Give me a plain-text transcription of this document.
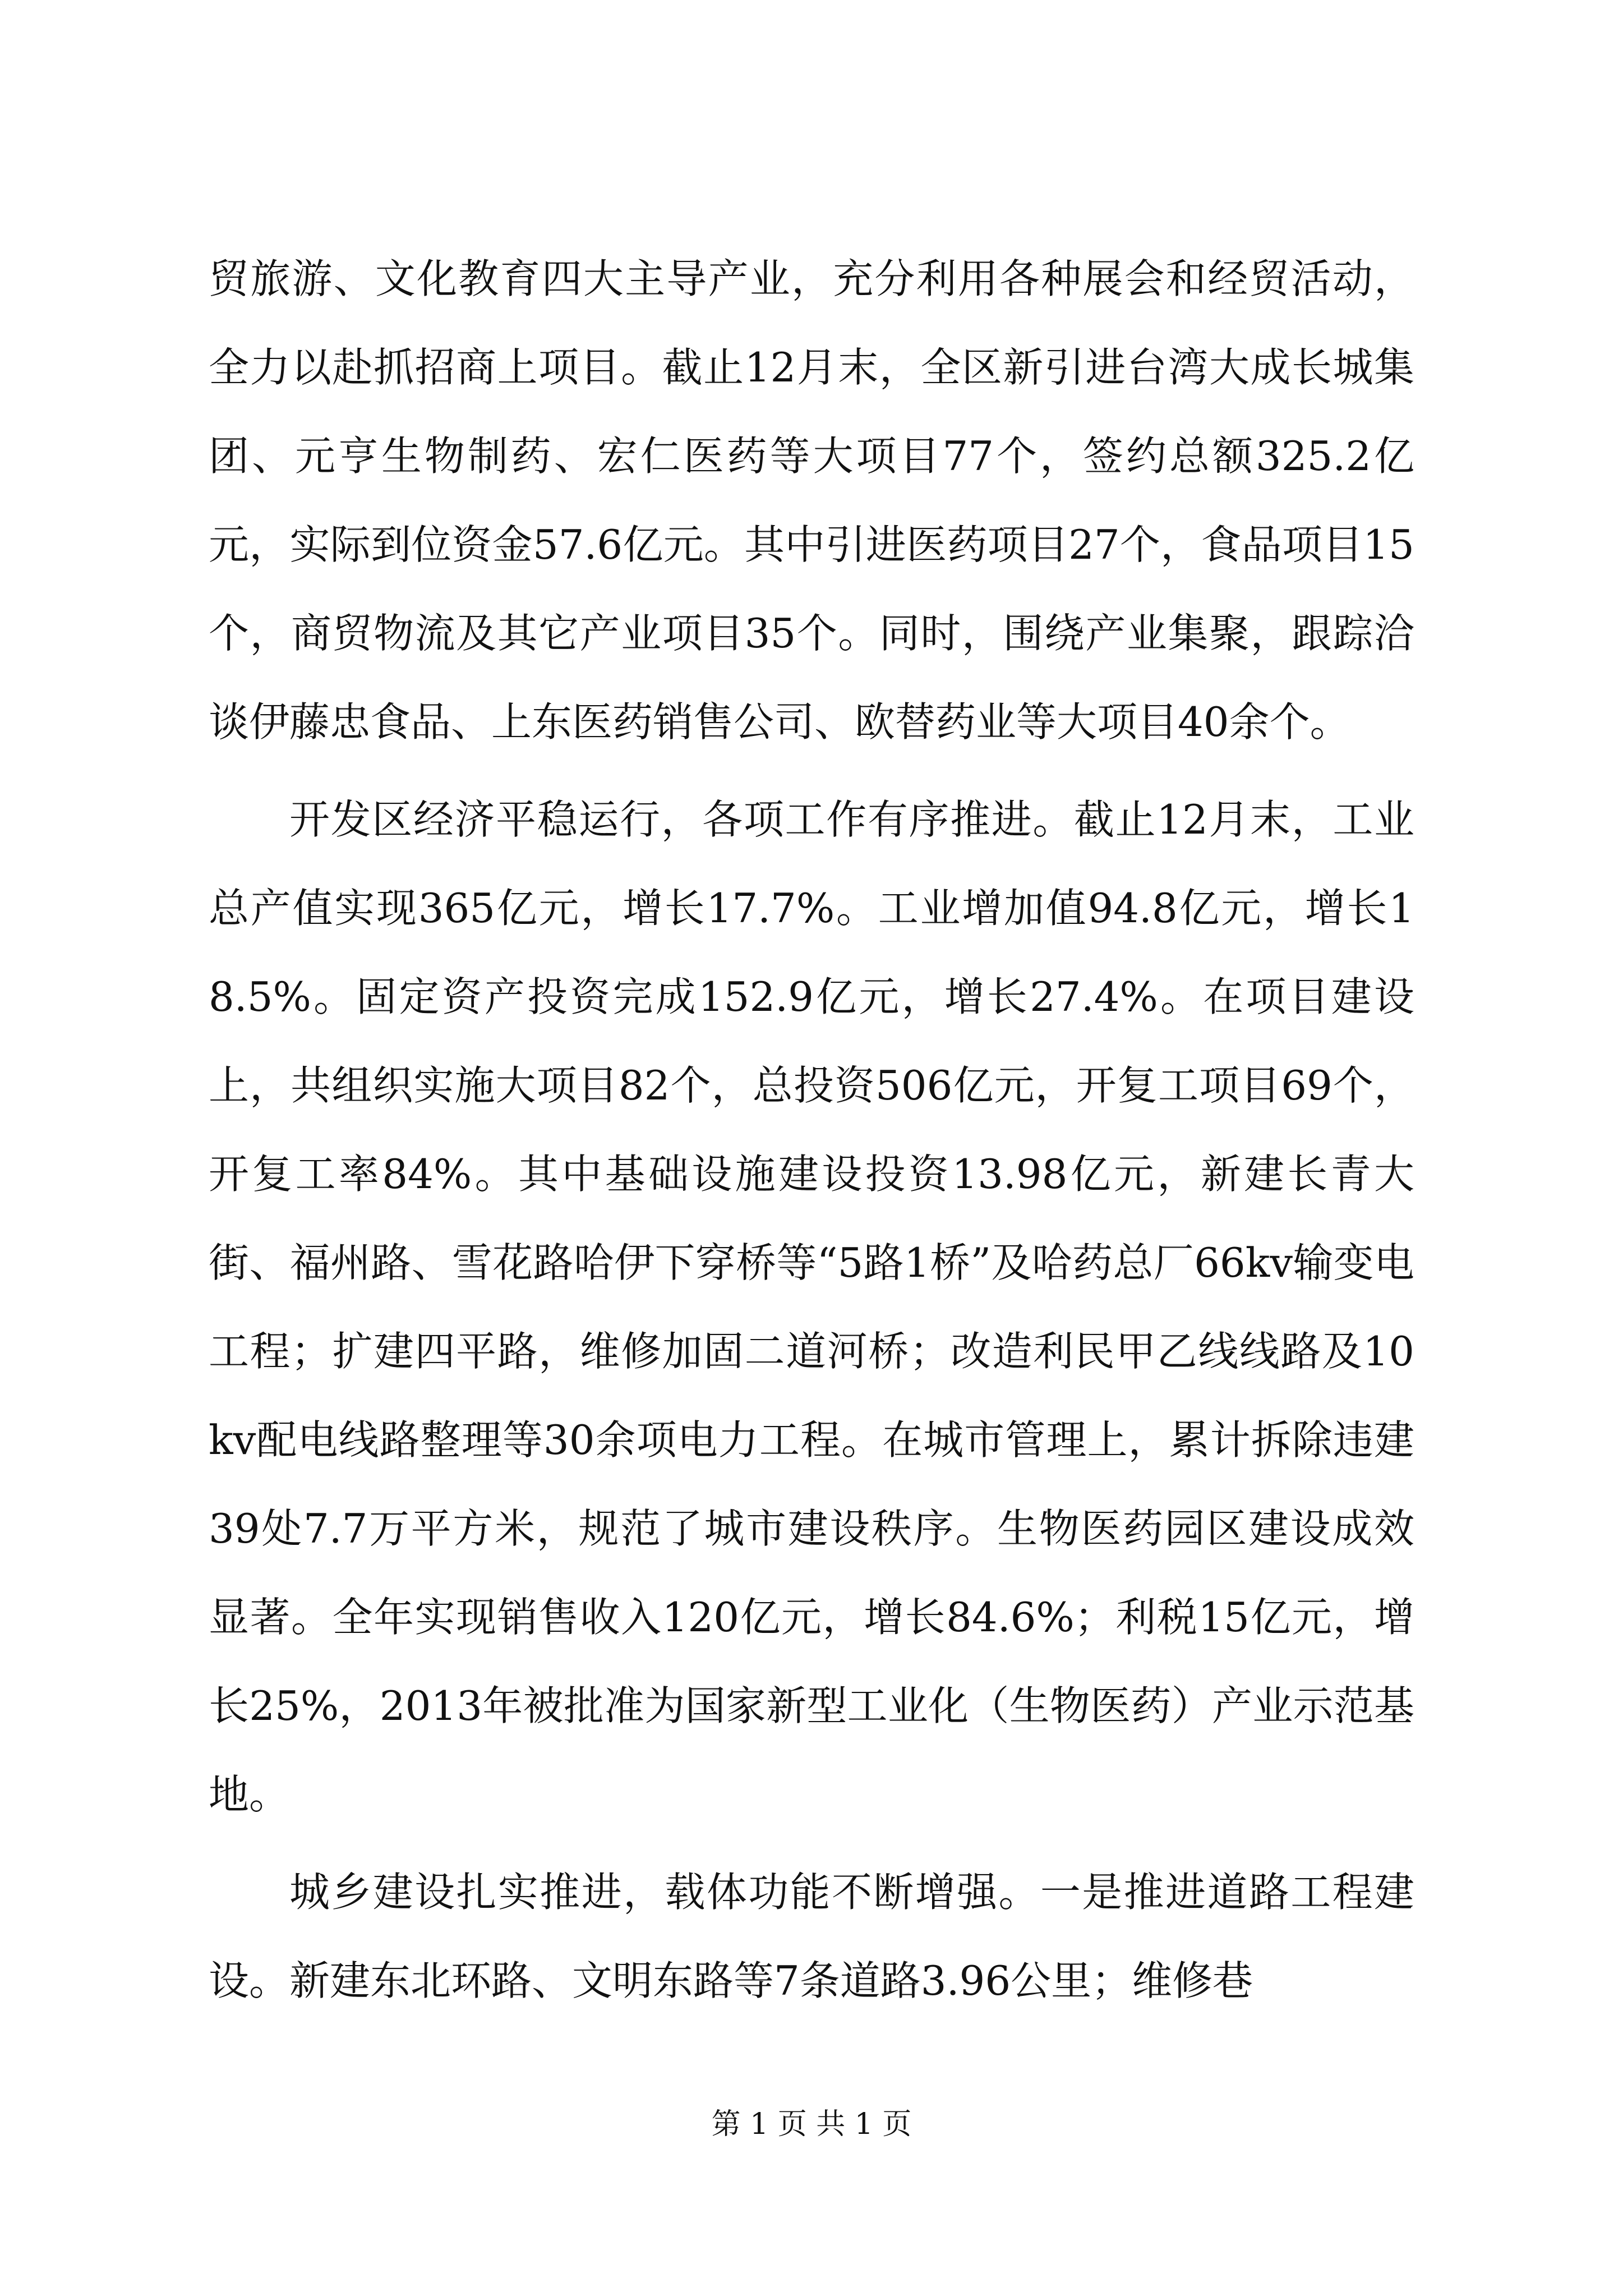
贸旅游、文化教育四大主导产业，充分利用各种展会和经贸活动，全力以赴抓招商上项目。截止12月末，全区新引进台湾大成长城集团、元亨生物制药、宏仁医药等大项目77个，签约总额325.2亿元，实际到位资金57.6亿元。其中引进医药项目27个，食品项目15个，商贸物流及其它产业项目35个。同时，围绕产业集聚，跟踪洽谈伊藤忠食品、上东医药销售公司、欧替药业等大项目40余个。

开发区经济平稳运行，各项工作有序推进。截止12月末，工业总产值实现365亿元，增长17.7%。工业增加值94.8亿元，增长18.5%。固定资产投资完成152.9亿元，增长27.4%。在项目建设上，共组织实施大项目82个，总投资506亿元，开复工项目69个，开复工率84%。其中基础设施建设投资13.98亿元，新建长青大街、福州路、雪花路哈伊下穿桥等“5路1桥”及哈药总厂66kv输变电工程；扩建四平路，维修加固二道河桥；改造利民甲乙线线路及10kv配电线路整理等30余项电力工程。在城市管理上，累计拆除违建39处7.7万平方米，规范了城市建设秩序。生物医药园区建设成效显著。全年实现销售收入120亿元，增长84.6%；利税15亿元，增长25%，2013年被批准为国家新型工业化（生物医药）产业示范基地。

城乡建设扎实推进，载体功能不断增强。一是推进道路工程建设。新建东北环路、文明东路等7条道路3.96公里；维修巷

第 1 页 共 1 页
